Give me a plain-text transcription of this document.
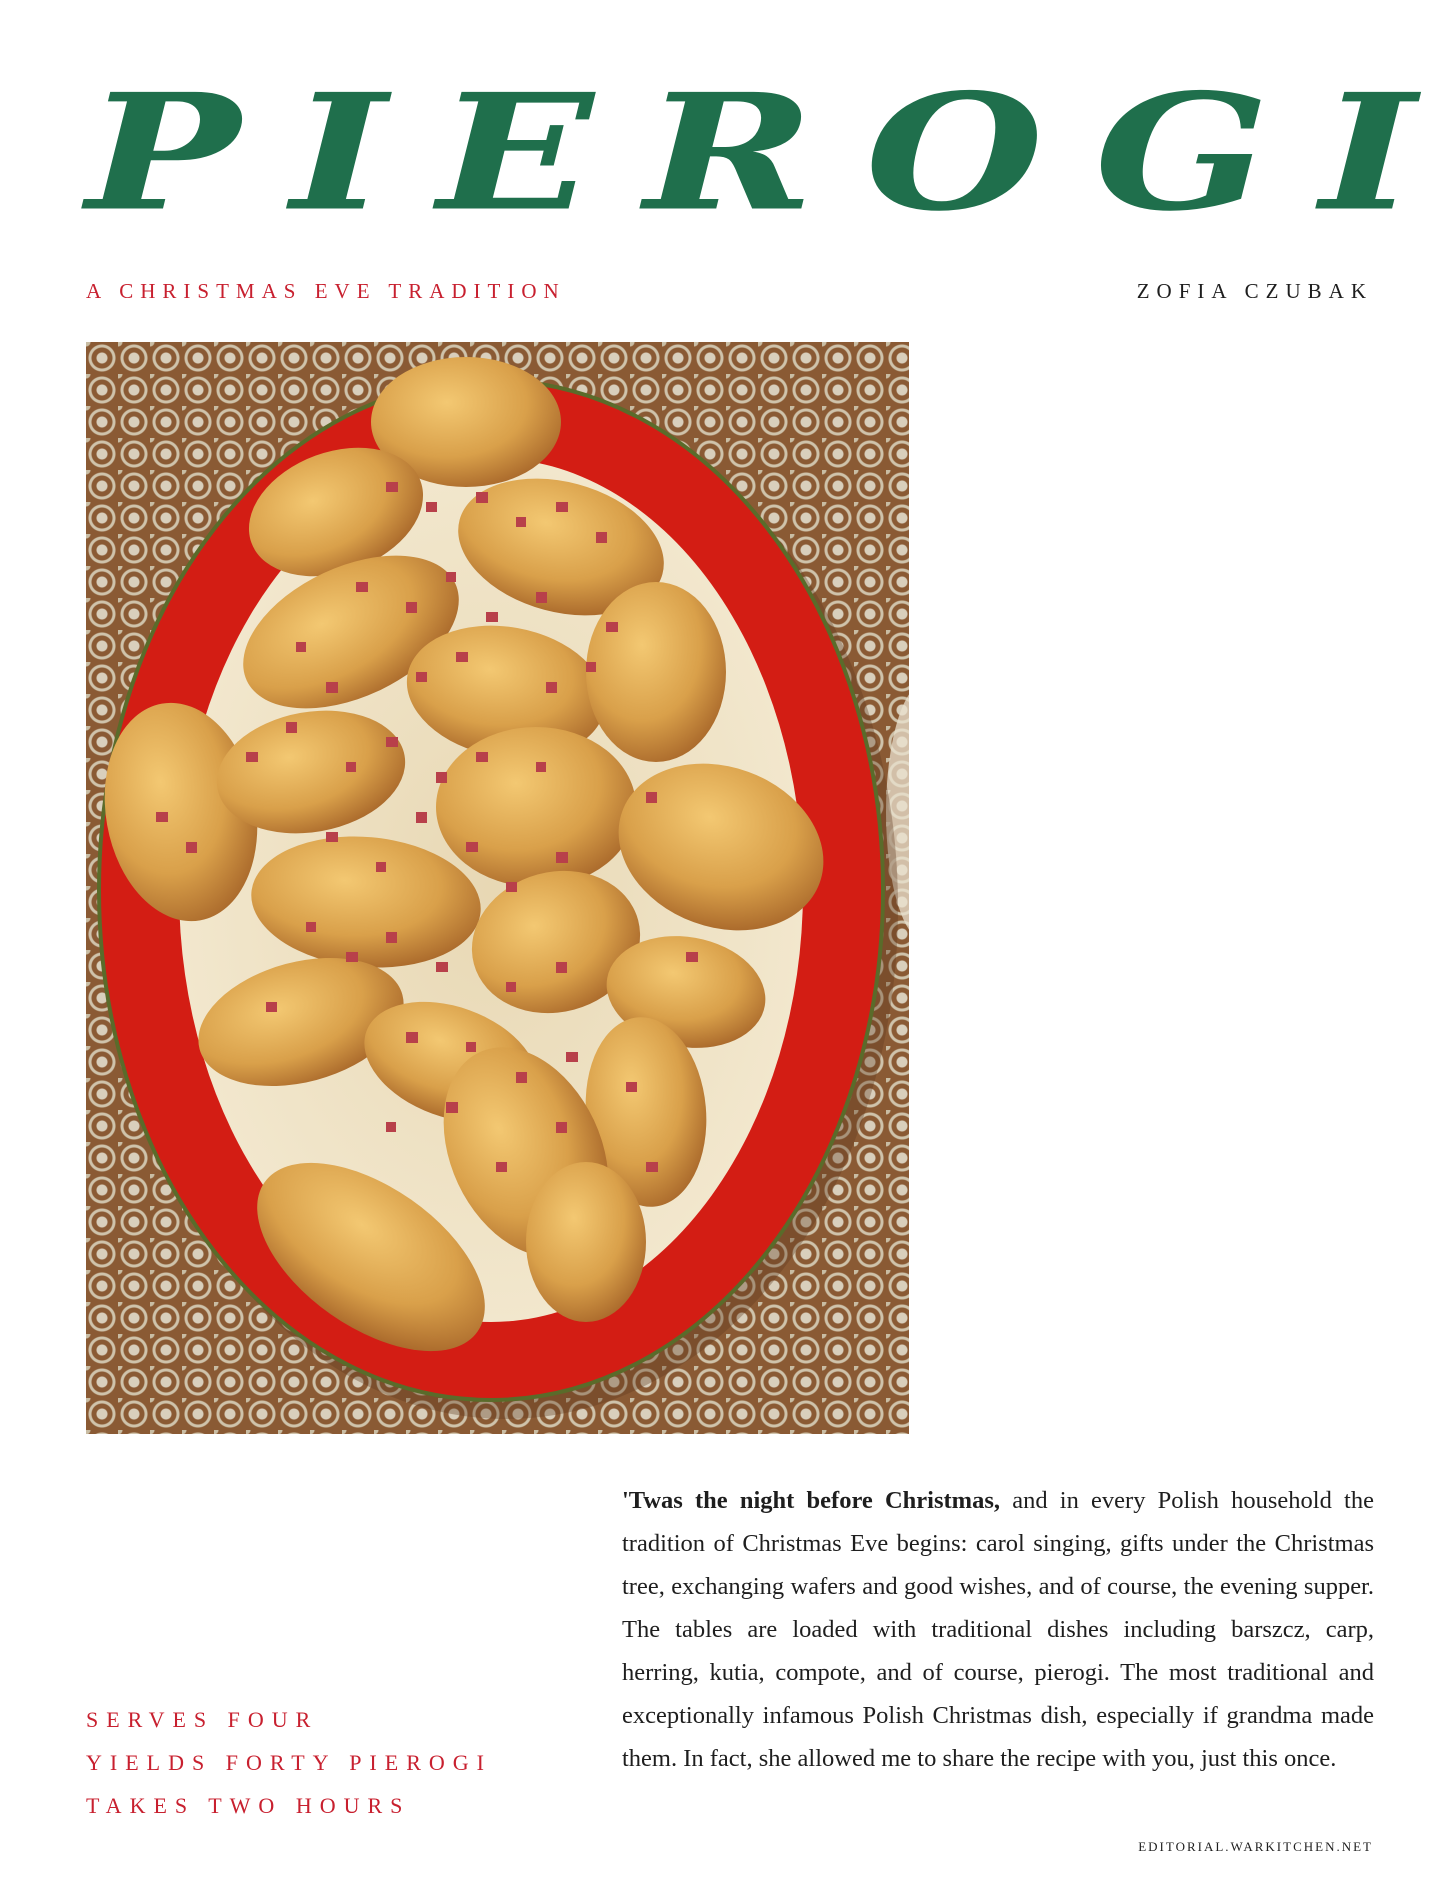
P I E R O G I
A CHRISTMAS EVE TRADITION	ZOFIA CZUBAK
SERVES FOUR
YIELDS FORTY PIEROGI
TAKES TWO HOURS
'Twas the night before Christmas, and in every Polish household the tradition of Christmas Eve begins: carol singing, gifts under the Christmas tree, exchanging wafers and good wishes, and of course, the evening supper. The tables are loaded with traditional dishes including barszcz, carp, herring, kutia, compote, and of course, pierogi. The most traditional and exceptionally infamous Polish Christmas dish, especially if grandma made them. In fact, she allowed me to share the recipe with you, just this once.
EDITORIAL.WARKITCHEN.NET
